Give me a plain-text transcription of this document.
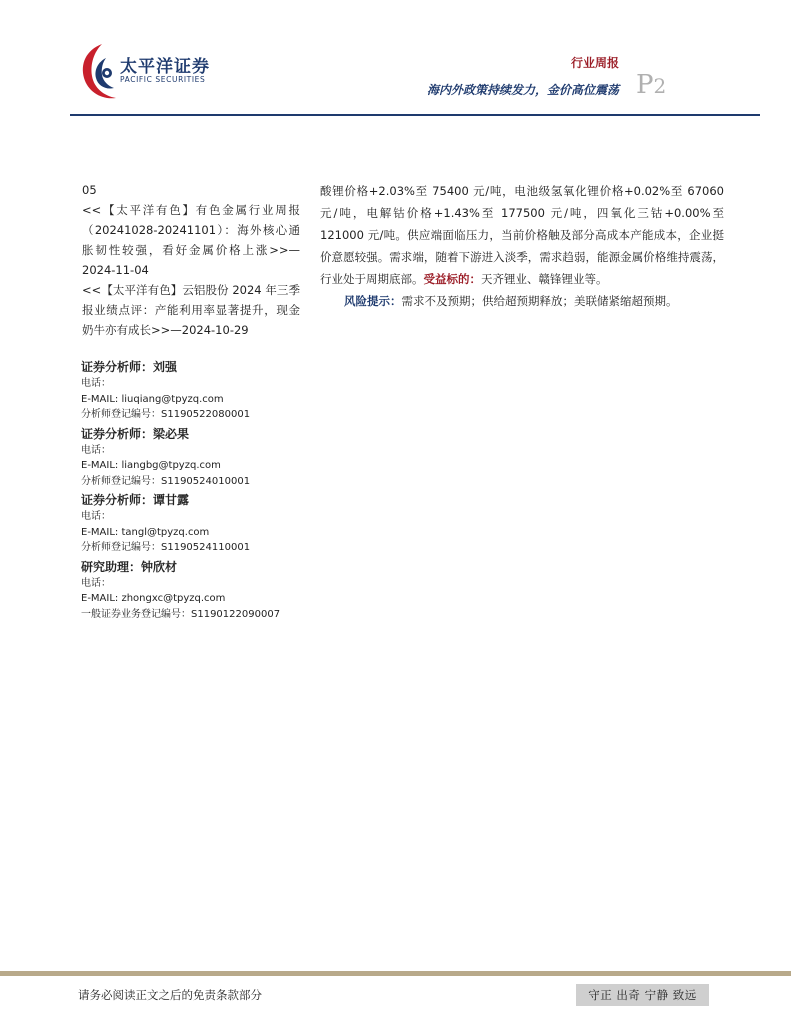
太平洋证券
PACIFIC SECURITIES
行业周报
海内外政策持续发力，金价高位震荡 P2
05

<<【太平洋有色】有色金属行业周报（20241028-20241101）：海外核心通胀韧性较强，看好金属价格上涨>>—2024-11-04

<<【太平洋有色】云铝股份 2024 年三季报业绩点评：产能利用率显著提升，现金奶牛亦有成长>>—2024-10-29

证券分析师：刘强
电话：
E-MAIL: liuqiang@tpyzq.com
分析师登记编号：S1190522080001
证券分析师：梁必果
电话：
E-MAIL: liangbg@tpyzq.com
分析师登记编号：S1190524010001
证券分析师：谭甘露
电话：
E-MAIL: tangl@tpyzq.com
分析师登记编号：S1190524110001
研究助理：钟欣材
电话：
E-MAIL: zhongxc@tpyzq.com
一般证券业务登记编号：S1190122090007

酸锂价格+2.03%至 75400 元/吨，电池级氢氧化锂价格+0.02%至 67060 元/吨，电解钴价格+1.43%至 177500 元/吨，四氧化三钴+0.00%至 121000 元/吨。供应端面临压力，当前价格触及部分高成本产能成本，企业挺价意愿较强。需求端，随着下游进入淡季，需求趋弱，能源金属价格维持震荡，行业处于周期底部。受益标的：天齐锂业、赣锋锂业等。

风险提示：需求不及预期；供给超预期释放；美联储紧缩超预期。

请务必阅读正文之后的免责条款部分	守正 出奇 宁静 致远
